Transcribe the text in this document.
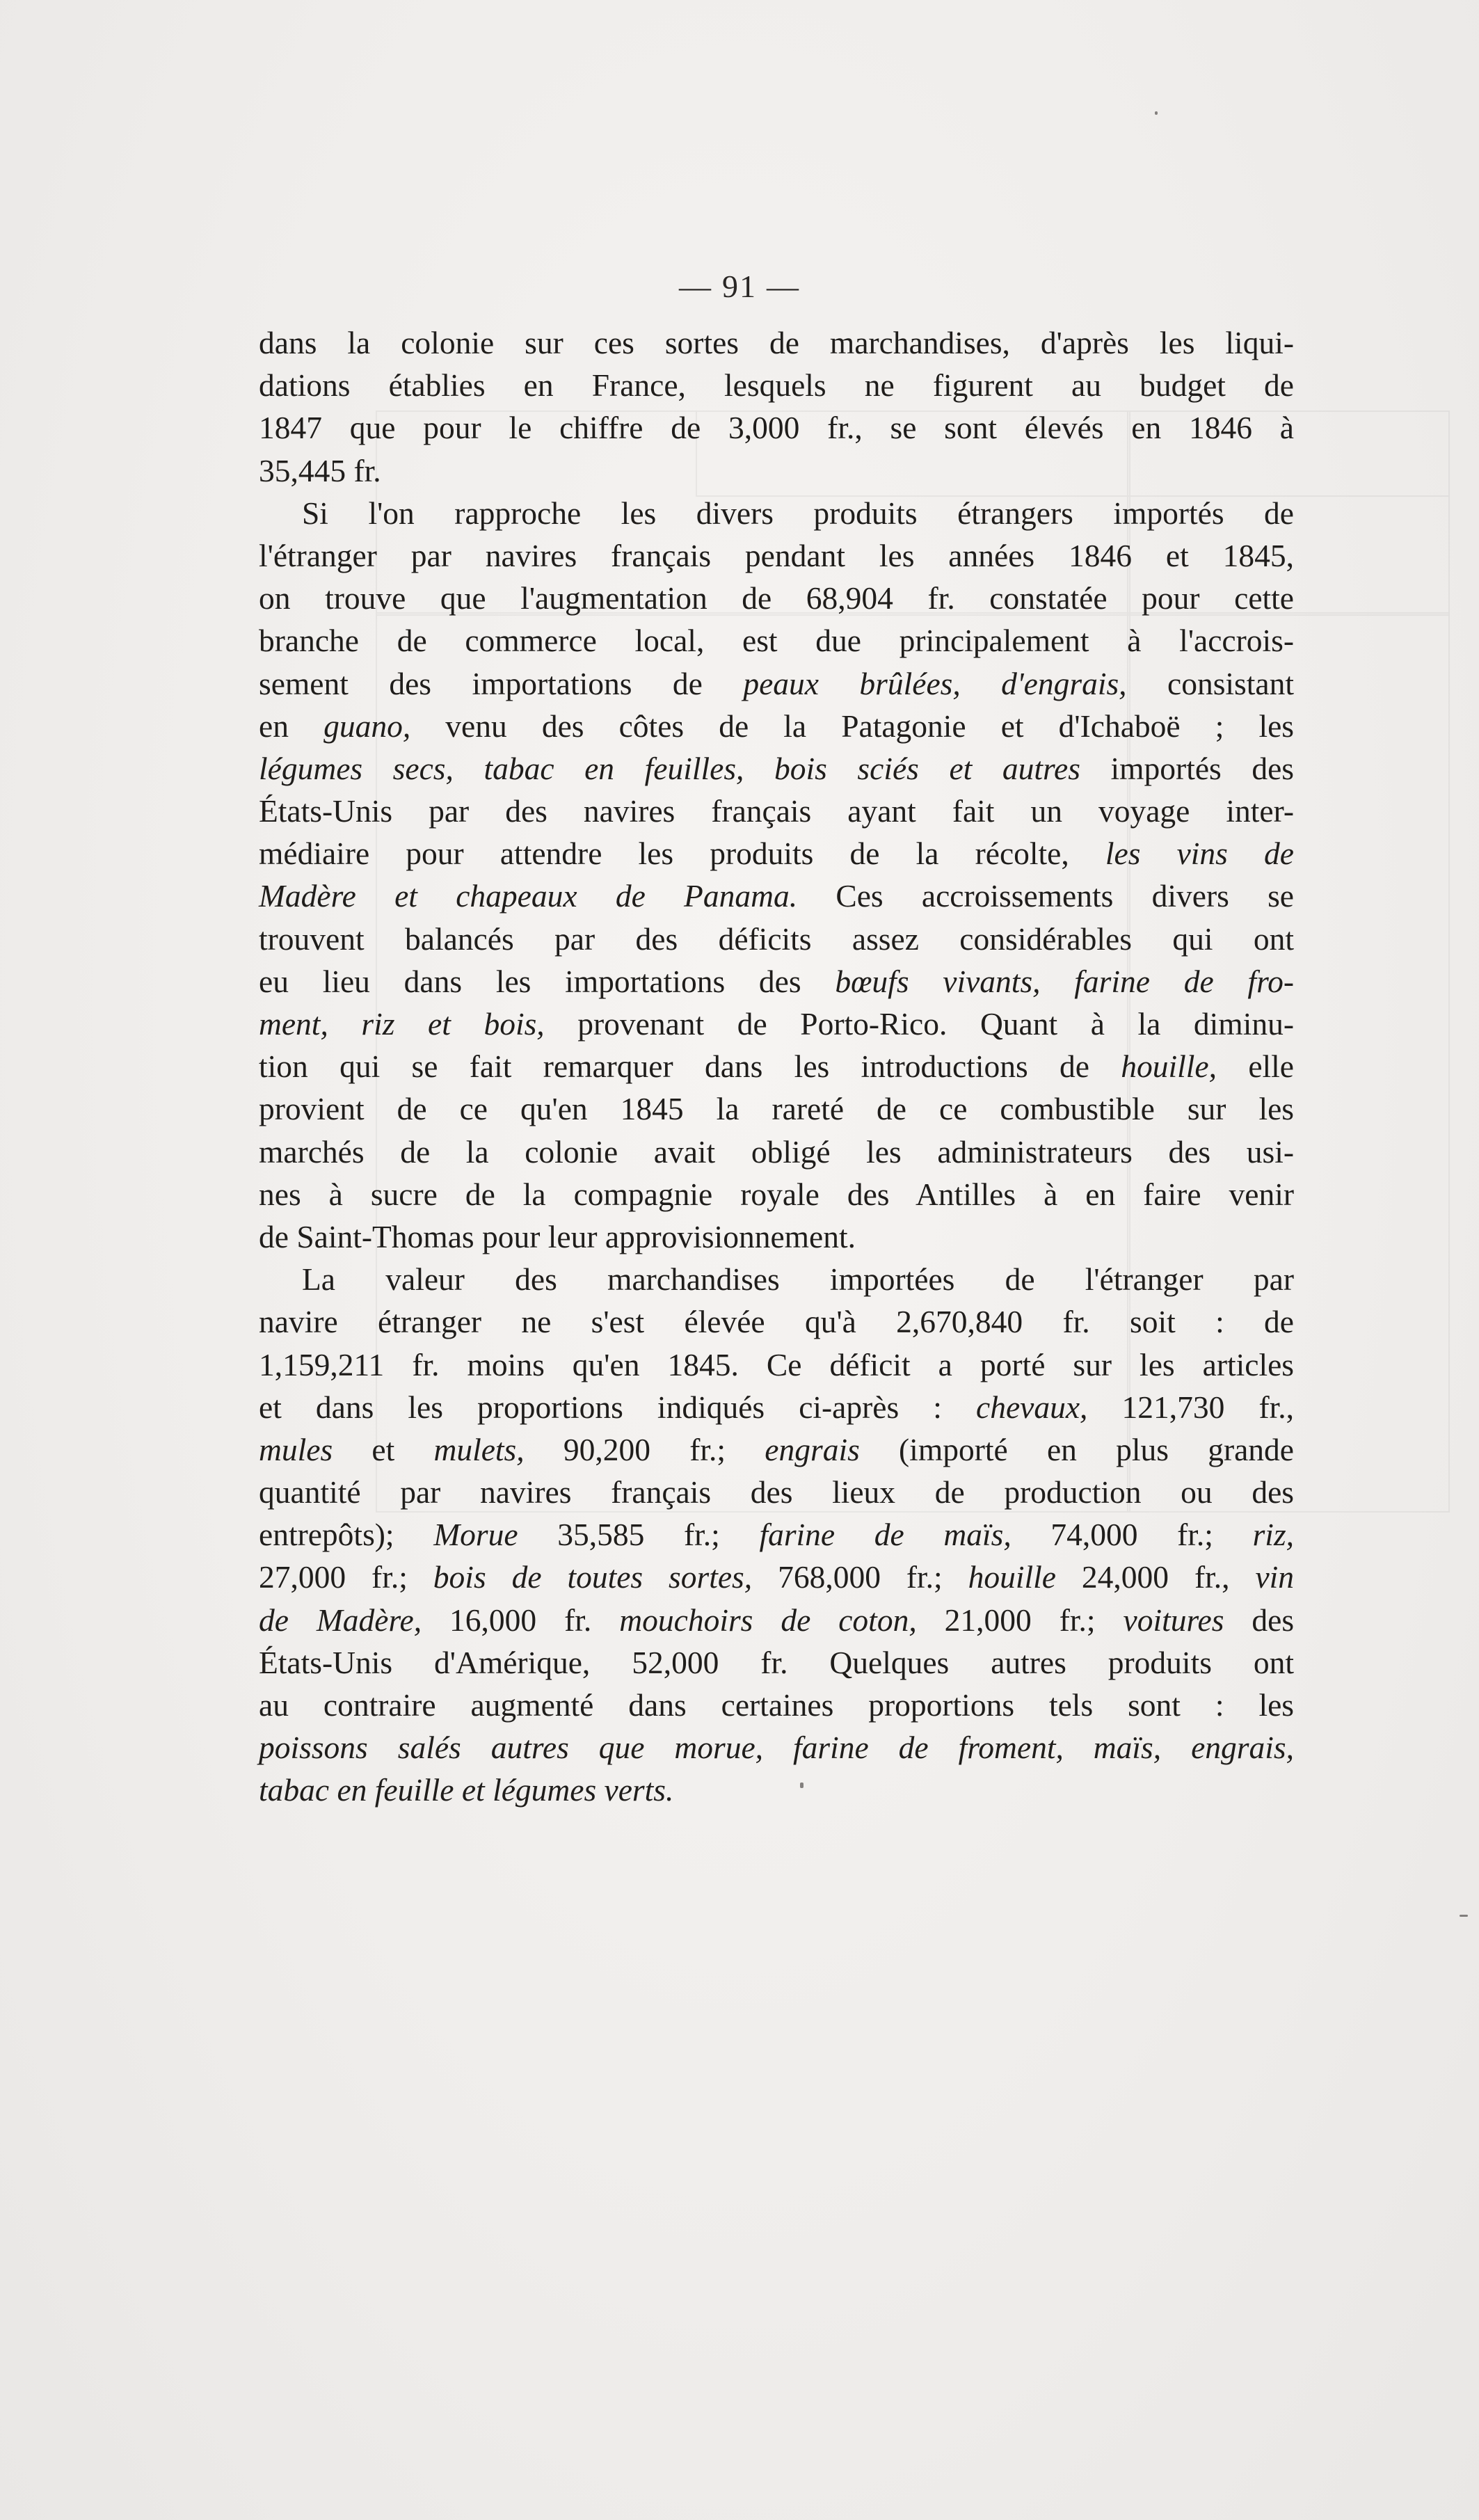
— 91 —
dans la colonie sur ces sortes de marchandises, d'après les liqui-
dations établies en France, lesquels ne figurent au budget de
1847 que pour le chiffre de 3,000 fr., se sont élevés en 1846 à
35,445 fr.
Si l'on rapproche les divers produits étrangers importés de
l'étranger par navires français pendant les années 1846 et 1845,
on trouve que l'augmentation de 68,904 fr. constatée pour cette
branche de commerce local, est due principalement à l'accrois-
sement des importations de peaux brûlées, d'engrais, consistant
en guano, venu des côtes de la Patagonie et d'Ichaboë ; les
légumes secs, tabac en feuilles, bois sciés et autres importés des
États-Unis par des navires français ayant fait un voyage inter-
médiaire pour attendre les produits de la récolte, les vins de
Madère et chapeaux de Panama. Ces accroissements divers se
trouvent balancés par des déficits assez considérables qui ont
eu lieu dans les importations des bœufs vivants, farine de fro-
ment, riz et bois, provenant de Porto-Rico. Quant à la diminu-
tion qui se fait remarquer dans les introductions de houille, elle
provient de ce qu'en 1845 la rareté de ce combustible sur les
marchés de la colonie avait obligé les administrateurs des usi-
nes à sucre de la compagnie royale des Antilles à en faire venir
de Saint-Thomas pour leur approvisionnement.
La valeur des marchandises importées de l'étranger par
navire étranger ne s'est élevée qu'à 2,670,840 fr. soit : de
1,159,211 fr. moins qu'en 1845. Ce déficit a porté sur les articles
et dans les proportions indiqués ci-après : chevaux, 121,730 fr.,
mules et mulets, 90,200 fr.; engrais (importé en plus grande
quantité par navires français des lieux de production ou des
entrepôts); Morue 35,585 fr.; farine de maïs, 74,000 fr.; riz,
27,000 fr.; bois de toutes sortes, 768,000 fr.; houille 24,000 fr., vin
de Madère, 16,000 fr. mouchoirs de coton, 21,000 fr.; voitures des
États-Unis d'Amérique, 52,000 fr. Quelques autres produits ont
au contraire augmenté dans certaines proportions tels sont : les
poissons salés autres que morue, farine de froment, maïs, engrais,
tabac en feuille et légumes verts.
